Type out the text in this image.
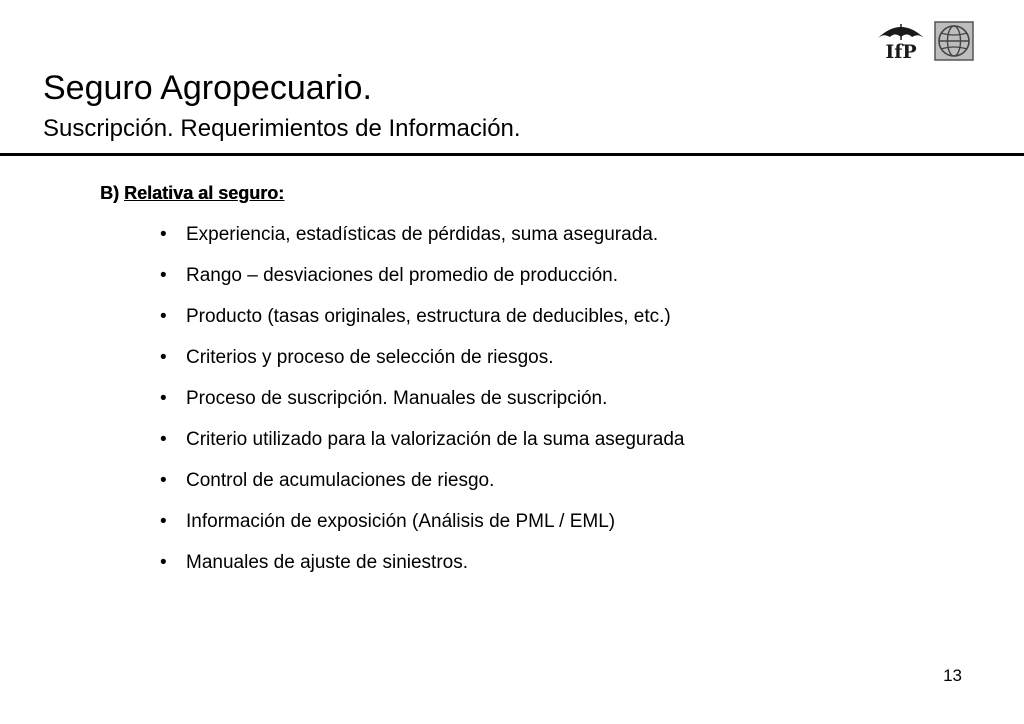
IfP
Seguro Agropecuario.
Suscripción. Requerimientos de Información.
B) Relativa al seguro:
• Experiencia, estadísticas de pérdidas, suma asegurada.
• Rango – desviaciones del promedio de producción.
• Producto (tasas originales, estructura de deducibles, etc.)
• Criterios y proceso de selección de riesgos.
• Proceso de suscripción. Manuales de suscripción.
• Criterio utilizado para la valorización de la suma asegurada
• Control de acumulaciones de riesgo.
• Información de exposición (Análisis de PML / EML)
• Manuales de ajuste de siniestros.
13
